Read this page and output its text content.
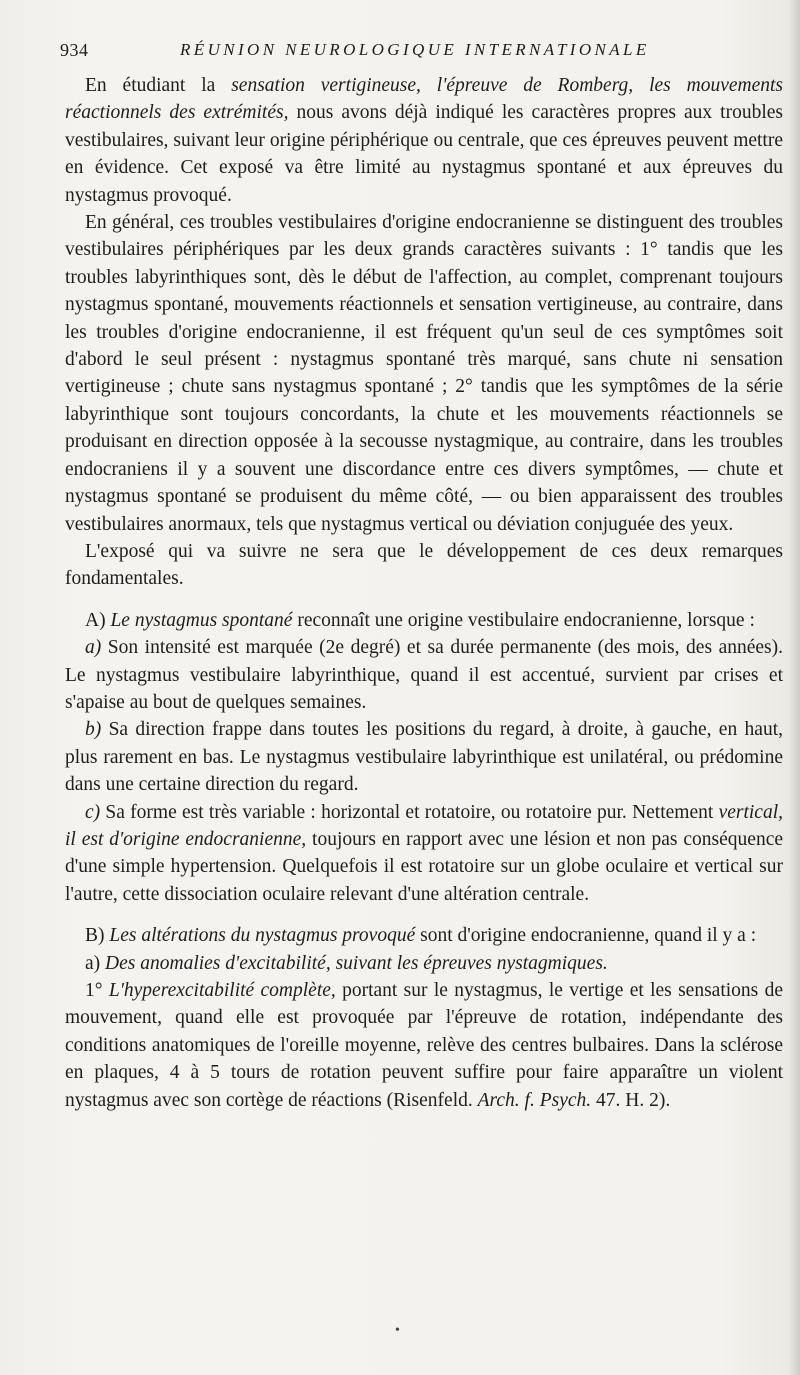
934	RÉUNION NEUROLOGIQUE INTERNATIONALE

En étudiant la sensation vertigineuse, l'épreuve de Romberg, les mouvements réactionnels des extrémités, nous avons déjà indiqué les caractères propres aux troubles vestibulaires, suivant leur origine périphérique ou centrale, que ces épreuves peuvent mettre en évidence. Cet exposé va être limité au nystagmus spontané et aux épreuves du nystagmus provoqué.

En général, ces troubles vestibulaires d'origine endocranienne se distinguent des troubles vestibulaires périphériques par les deux grands caractères suivants : 1° tandis que les troubles labyrinthiques sont, dès le début de l'affection, au complet, comprenant toujours nystagmus spontané, mouvements réactionnels et sensation vertigineuse, au contraire, dans les troubles d'origine endocranienne, il est fréquent qu'un seul de ces symptômes soit d'abord le seul présent : nystagmus spontané très marqué, sans chute ni sensation vertigineuse ; chute sans nystagmus spontané ; 2° tandis que les symptômes de la série labyrinthique sont toujours concordants, la chute et les mouvements réactionnels se produisant en direction opposée à la secousse nystagmique, au contraire, dans les troubles endocraniens il y a souvent une discordance entre ces divers symptômes, — chute et nystagmus spontané se produisent du même côté, — ou bien apparaissent des troubles vestibulaires anormaux, tels que nystagmus vertical ou déviation conjuguée des yeux.

L'exposé qui va suivre ne sera que le développement de ces deux remarques fondamentales.

A) Le nystagmus spontané reconnaît une origine vestibulaire endocranienne, lorsque :

a) Son intensité est marquée (2e degré) et sa durée permanente (des mois, des années). Le nystagmus vestibulaire labyrinthique, quand il est accentué, survient par crises et s'apaise au bout de quelques semaines.

b) Sa direction frappe dans toutes les positions du regard, à droite, à gauche, en haut, plus rarement en bas. Le nystagmus vestibulaire labyrinthique est unilatéral, ou prédomine dans une certaine direction du regard.

c) Sa forme est très variable : horizontal et rotatoire, ou rotatoire pur. Nettement vertical, il est d'origine endocranienne, toujours en rapport avec une lésion et non pas conséquence d'une simple hypertension. Quelquefois il est rotatoire sur un globe oculaire et vertical sur l'autre, cette dissociation oculaire relevant d'une altération centrale.

B) Les altérations du nystagmus provoqué sont d'origine endocranienne, quand il y a :

a) Des anomalies d'excitabilité, suivant les épreuves nystagmiques.

1° L'hyperexcitabilité complète, portant sur le nystagmus, le vertige et les sensations de mouvement, quand elle est provoquée par l'épreuve de rotation, indépendante des conditions anatomiques de l'oreille moyenne, relève des centres bulbaires. Dans la sclérose en plaques, 4 à 5 tours de rotation peuvent suffire pour faire apparaître un violent nystagmus avec son cortège de réactions (Risenfeld. Arch. f. Psych. 47. H. 2).

•
